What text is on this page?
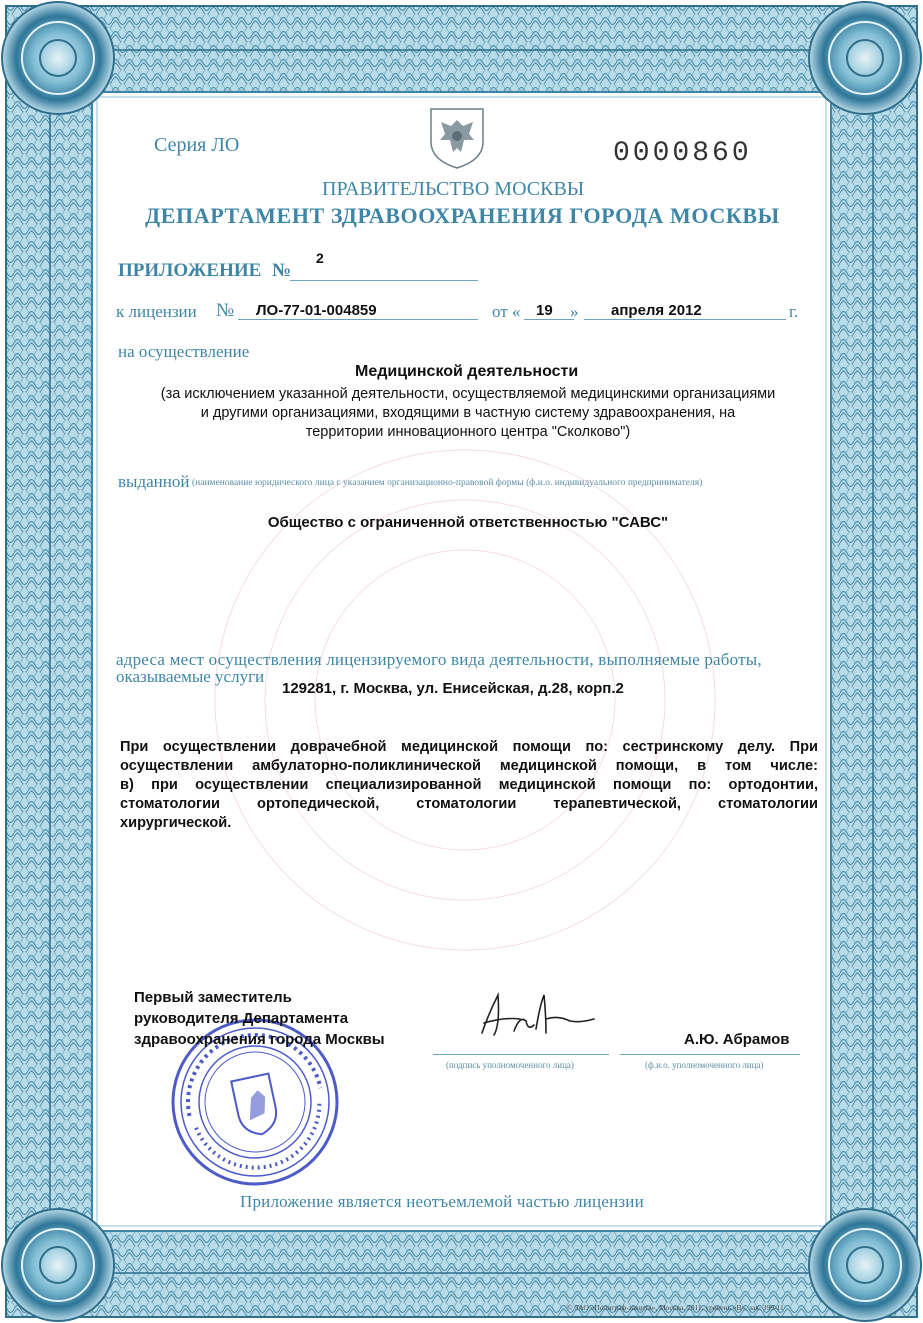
Серия ЛО	0000860

ПРАВИТЕЛЬСТВО МОСКВЫ

ДЕПАРТАМЕНТ ЗДРАВООХРАНЕНИЯ ГОРОДА МОСКВЫ

ПРИЛОЖЕНИЕ №

2

к лицензии № ЛО-77-01-004859	от « 19 » апреля 2012	г.

на осуществление

Медицинской деятельности

(за исключением указанной деятельности, осуществляемой медицинскими организациями

и другими организациями, входящими в частную систему здравоохранения, на

территории инновационного центра "Сколково")

выданной (наименование юридического лица с указанием организационно-правовой формы (ф.и.о. индивидуального предпринимателя)

Общество с ограниченной ответственностью "САВС"

адреса мест осуществления лицензируемого вида деятельности, выполняемые работы,

оказываемые услуги

129281, г. Москва, ул. Енисейская, д.28, корп.2

При осуществлении доврачебной медицинской помощи по: сестринскому делу. При

осуществлении амбулаторно-поликлинической медицинской помощи, в том числе:

в) при осуществлении специализированной медицинской помощи по: ортодонтии,

стоматологии ортопедической, стоматологии терапевтической, стоматологии

хирургической.

Первый заместитель

руководителя Департамента

здравоохранения города Москвы	А.Ю. Абрамов

(подпись уполномоченного лица)	(ф.и.о. уполномоченного лица)

Приложение является неотъемлемой частью лицензии

© ЗАО «Полиграф-защита», Москва, 2011, уровень «В», зак. 399-11
